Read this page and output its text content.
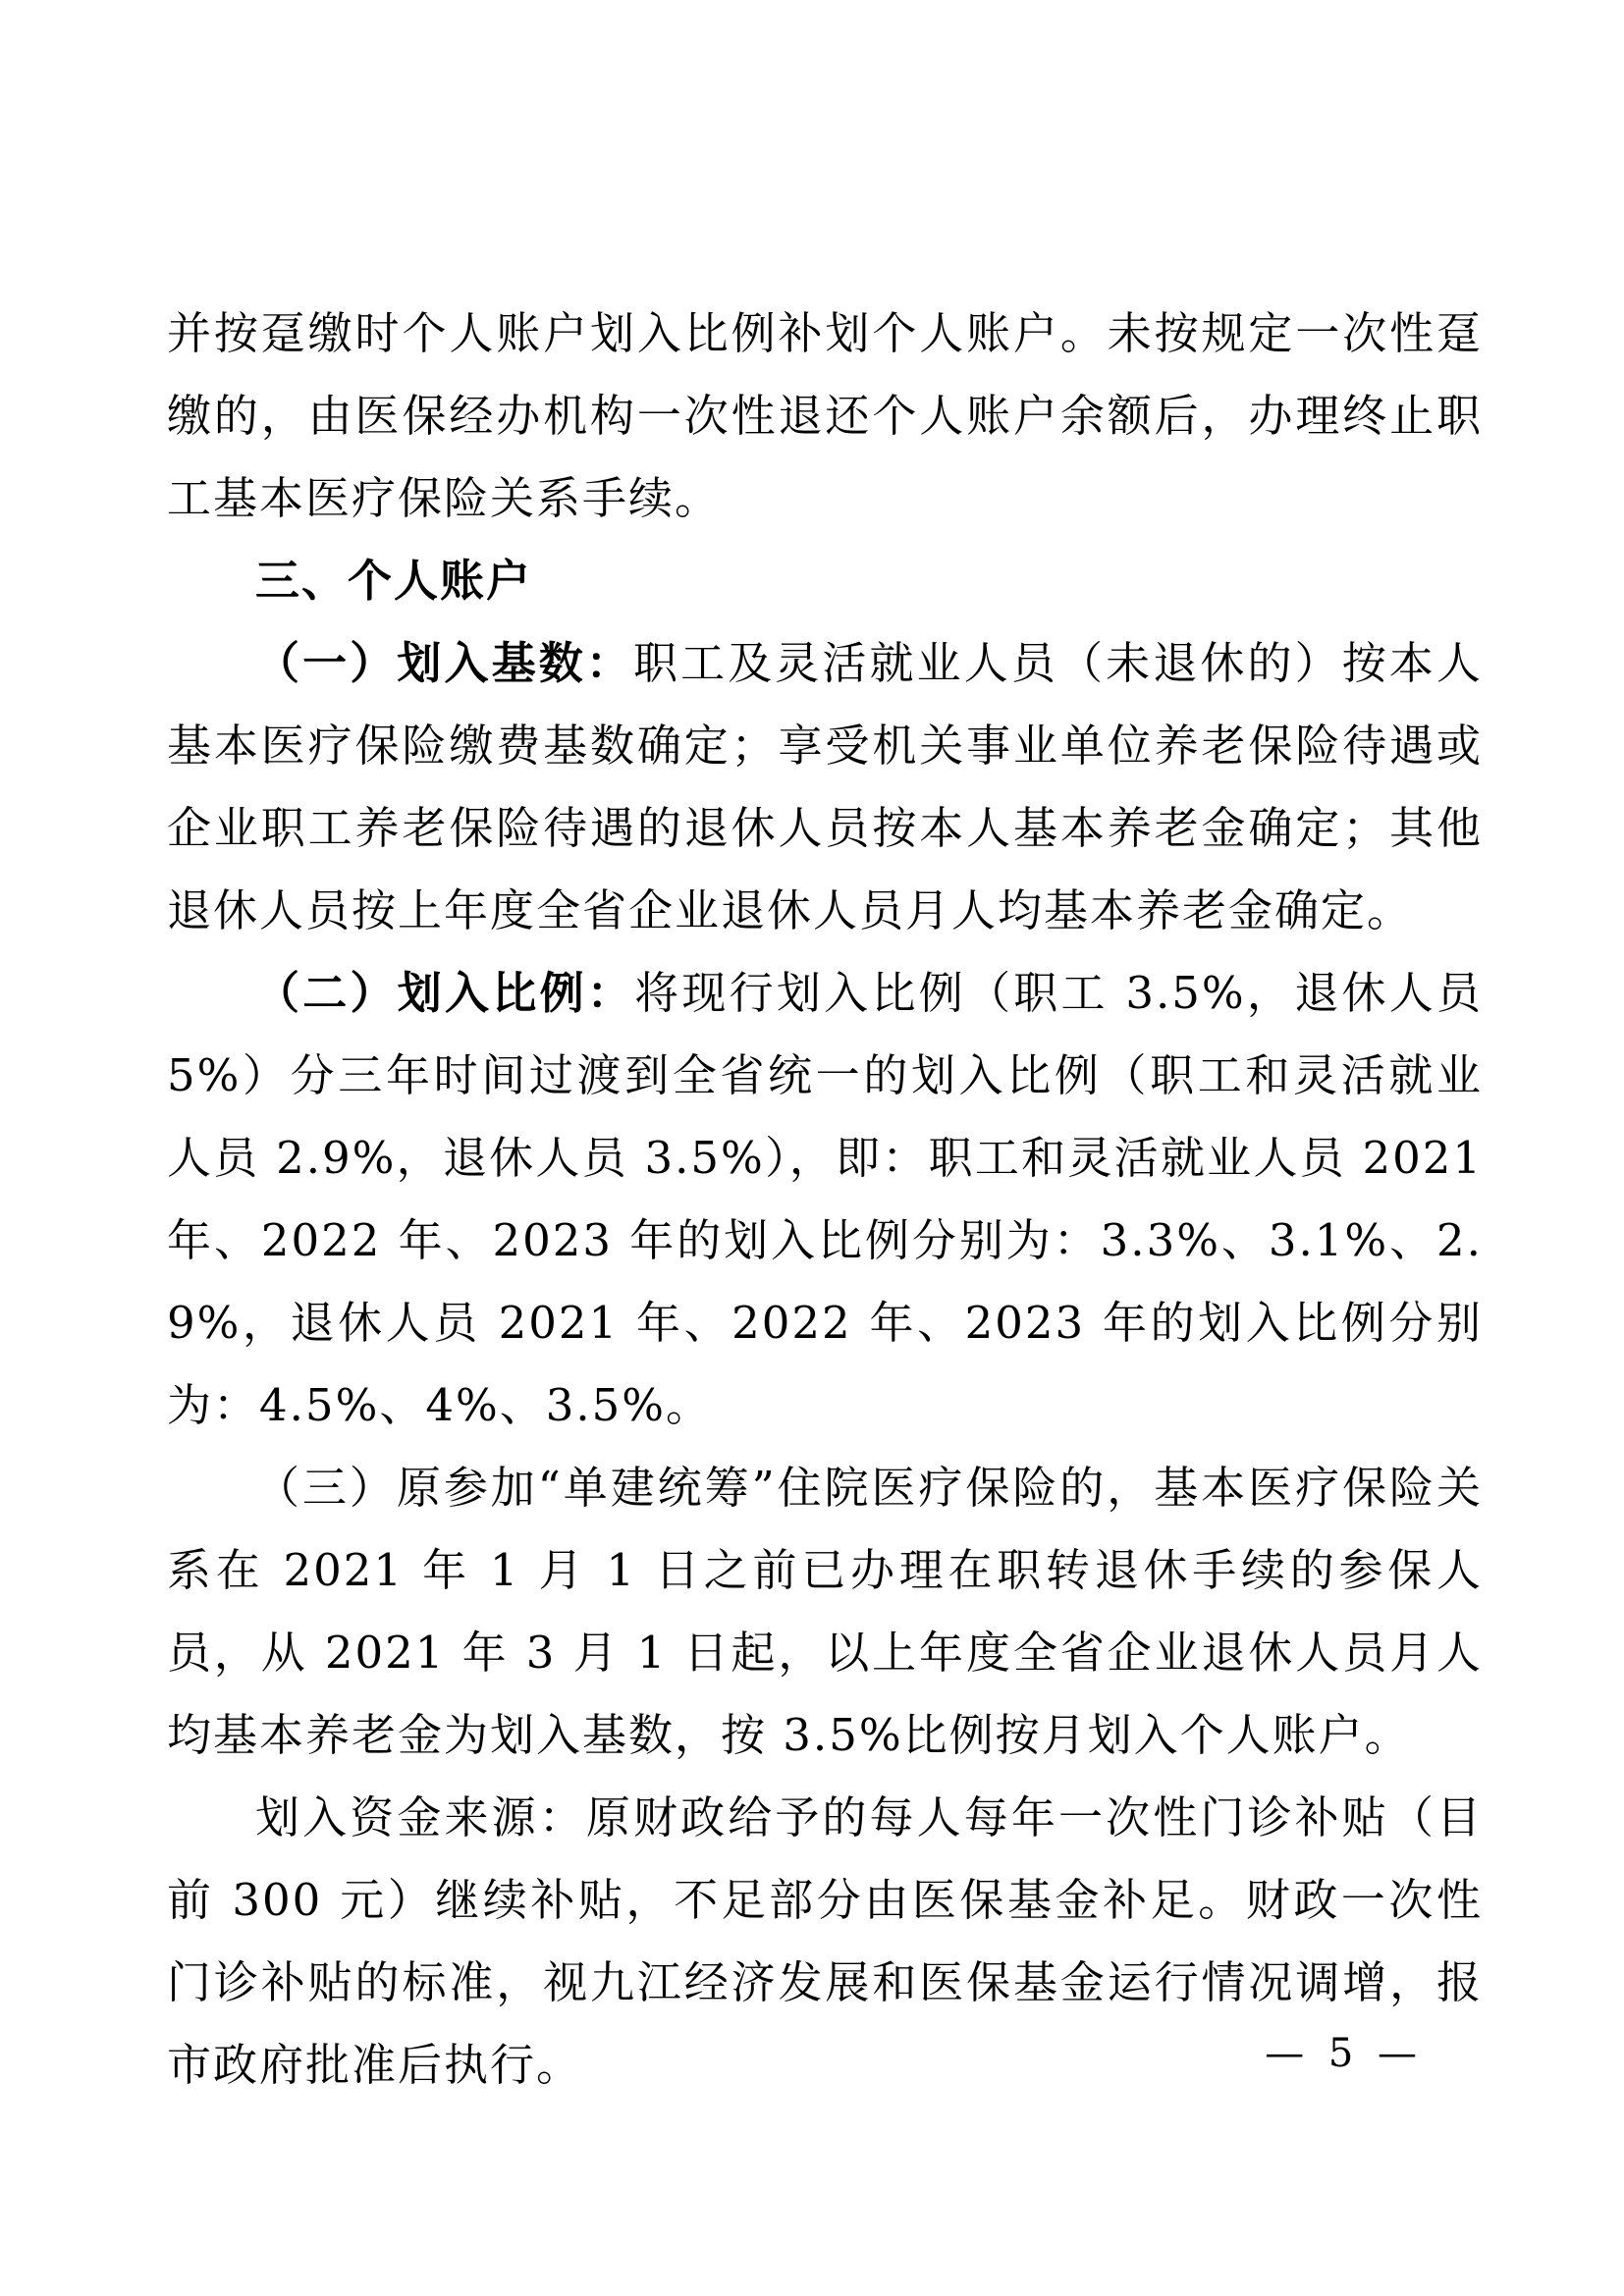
并按趸缴时个人账户划入比例补划个人账户。未按规定一次性趸缴的，由医保经办机构一次性退还个人账户余额后，办理终止职工基本医疗保险关系手续。

三、个人账户

（一）划入基数：职工及灵活就业人员（未退休的）按本人基本医疗保险缴费基数确定；享受机关事业单位养老保险待遇或企业职工养老保险待遇的退休人员按本人基本养老金确定；其他退休人员按上年度全省企业退休人员月人均基本养老金确定。

（二）划入比例：将现行划入比例（职工 3.5%，退休人员 5%）分三年时间过渡到全省统一的划入比例（职工和灵活就业人员 2.9%，退休人员 3.5%），即：职工和灵活就业人员 2021 年、2022 年、2023 年的划入比例分别为：3.3%、3.1%、2.9%，退休人员 2021 年、2022 年、2023 年的划入比例分别为：4.5%、4%、3.5%。

（三）原参加“单建统筹”住院医疗保险的，基本医疗保险关系在 2021 年 1 月 1 日之前已办理在职转退休手续的参保人员，从 2021 年 3 月 1 日起，以上年度全省企业退休人员月人均基本养老金为划入基数，按 3.5%比例按月划入个人账户。

划入资金来源：原财政给予的每人每年一次性门诊补贴（目前 300 元）继续补贴，不足部分由医保基金补足。财政一次性门诊补贴的标准，视九江经济发展和医保基金运行情况调增，报市政府批准后执行。	— 5 —
